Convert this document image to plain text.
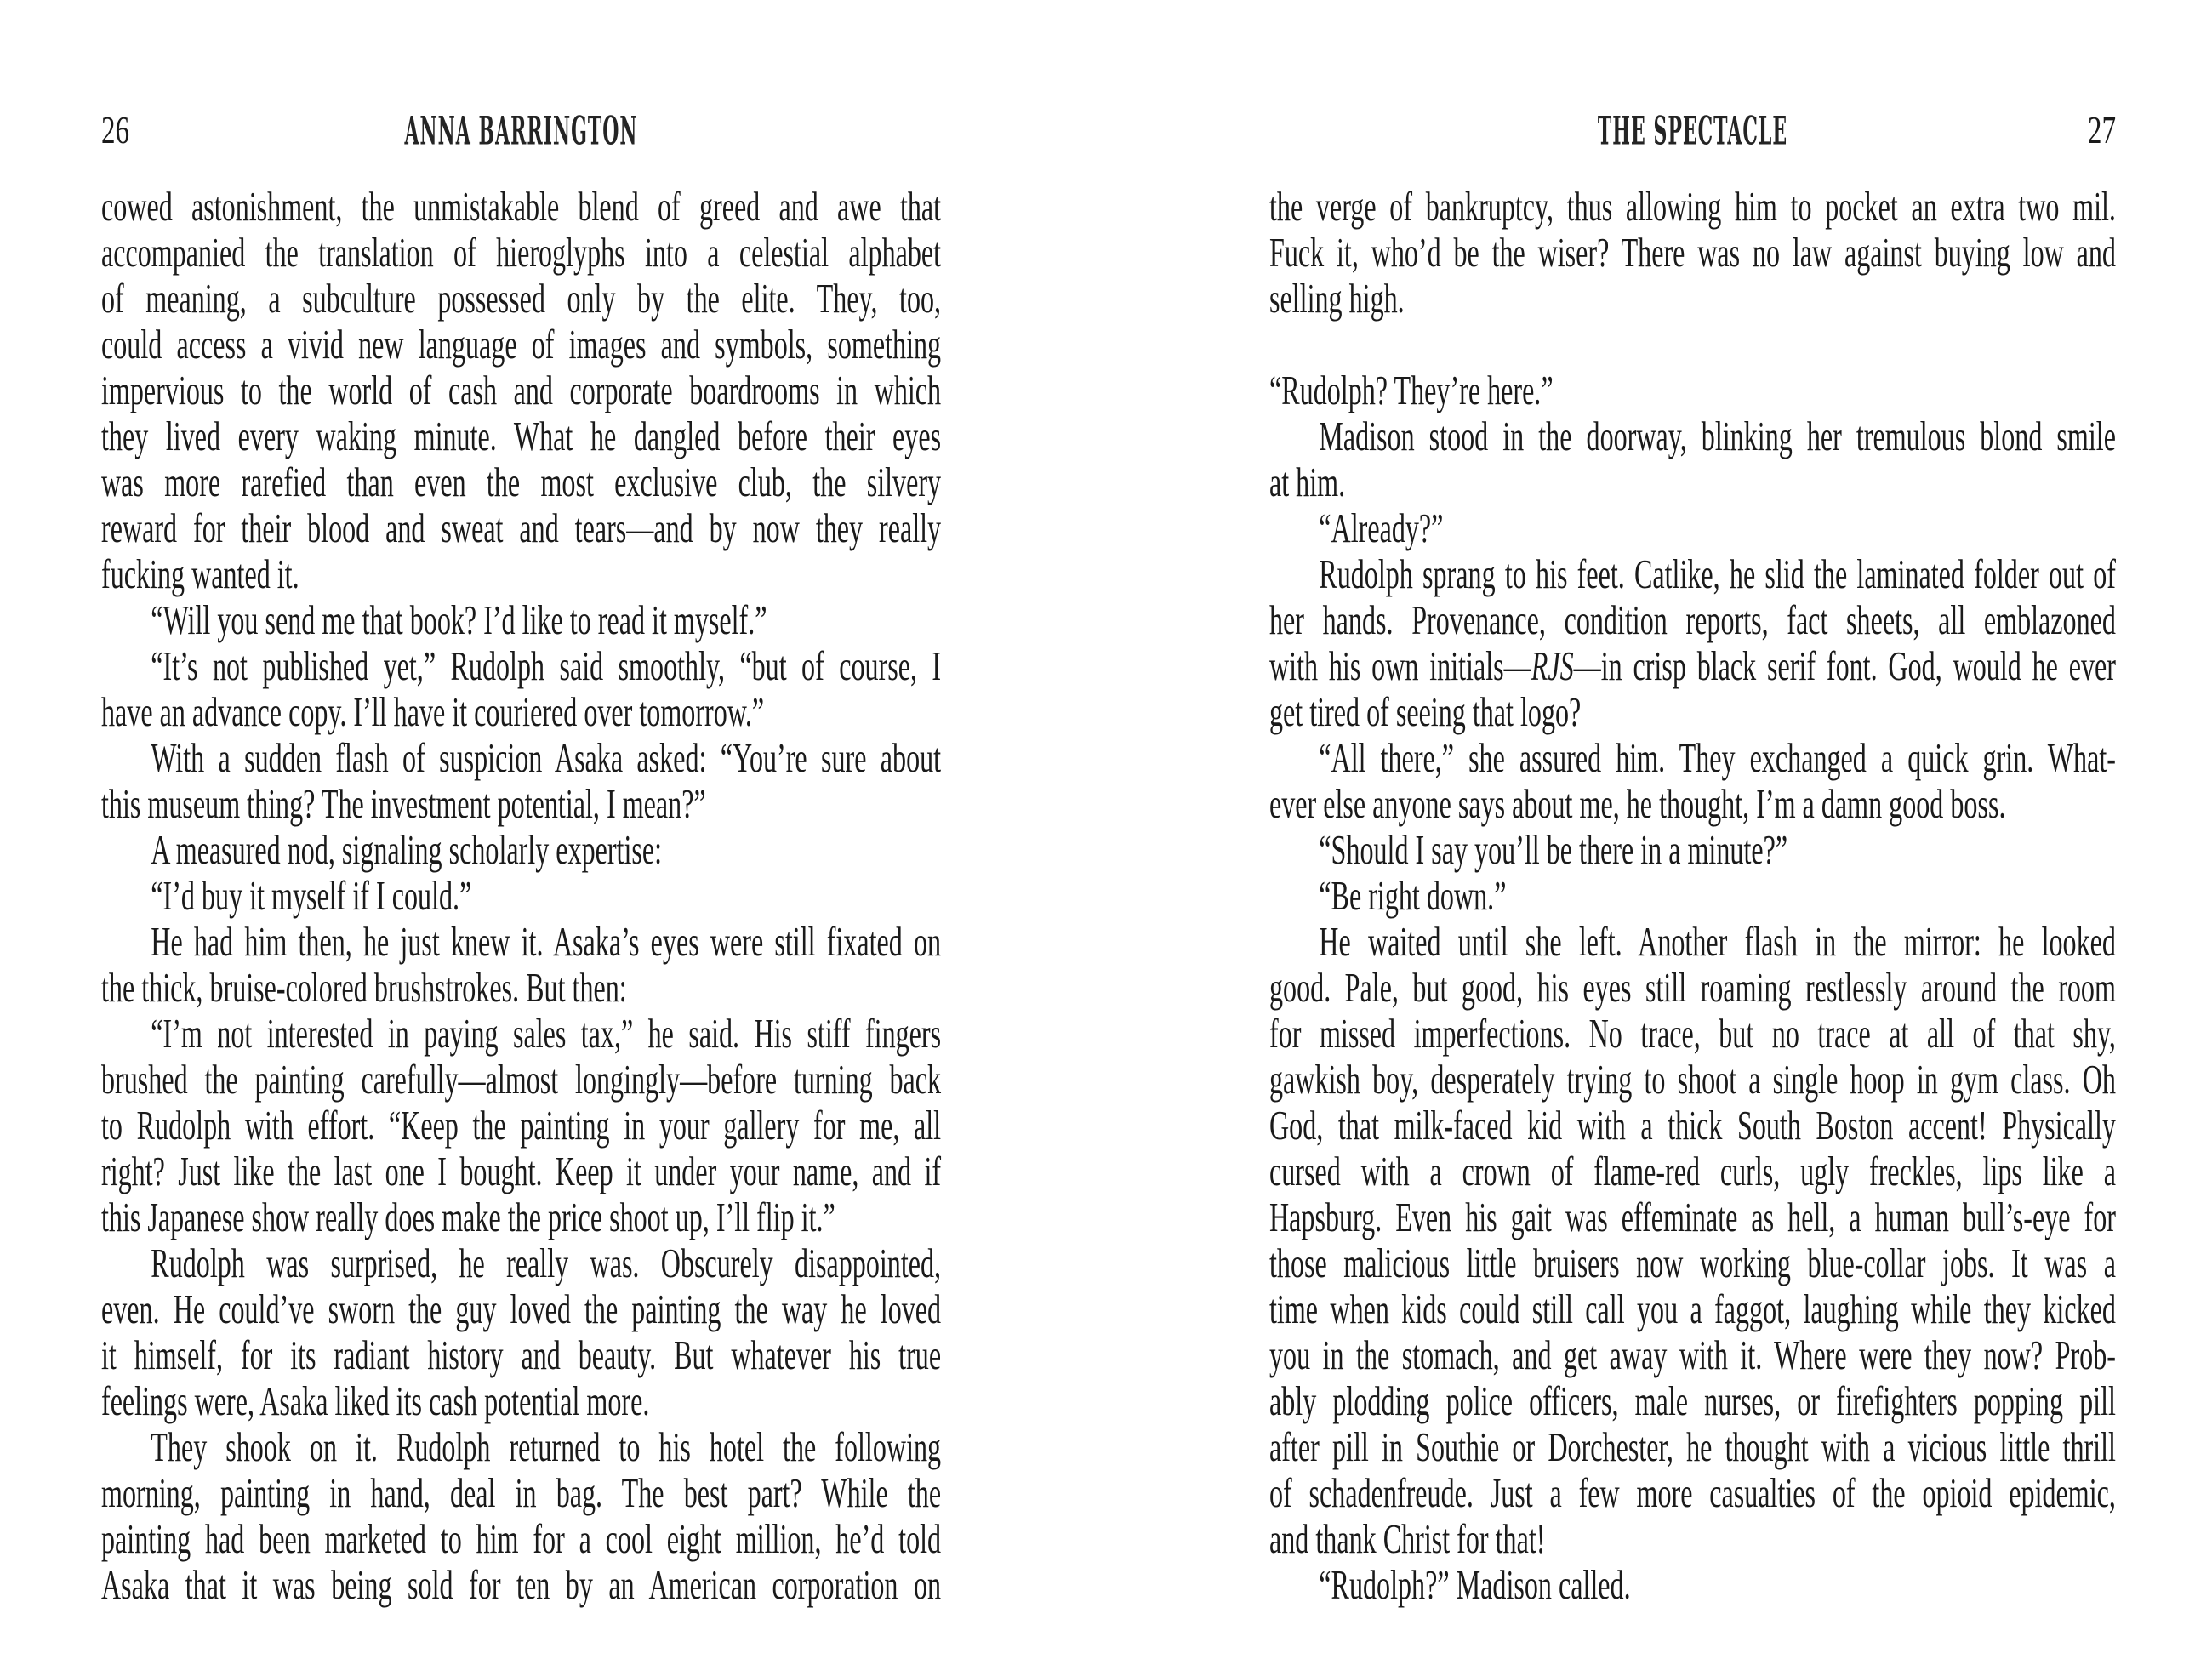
26	ANNA BARRINGTON
cowed astonishment, the unmistakable blend of greed and awe that
accompanied the translation of hieroglyphs into a celestial alphabet
of meaning, a subculture possessed only by the elite. They, too,
could access a vivid new language of images and symbols, something
impervious to the world of cash and corporate boardrooms in which
they lived every waking minute. What he dangled before their eyes
was more rarefied than even the most exclusive club, the silvery
reward for their blood and sweat and tears—and by now they really
fucking wanted it.
“Will you send me that book? I’d like to read it myself.”
“It’s not published yet,” Rudolph said smoothly, “but of course, I
have an advance copy. I’ll have it couriered over tomorrow.”
With a sudden flash of suspicion Asaka asked: “You’re sure about
this museum thing? The investment potential, I mean?”
A measured nod, signaling scholarly expertise:
“I’d buy it myself if I could.”
He had him then, he just knew it. Asaka’s eyes were still fixated on
the thick, bruise-colored brushstrokes. But then:
“I’m not interested in paying sales tax,” he said. His stiff fingers
brushed the painting carefully—almost longingly—before turning back
to Rudolph with effort. “Keep the painting in your gallery for me, all
right? Just like the last one I bought. Keep it under your name, and if
this Japanese show really does make the price shoot up, I’ll flip it.”
Rudolph was surprised, he really was. Obscurely disappointed,
even. He could’ve sworn the guy loved the painting the way he loved
it himself, for its radiant history and beauty. But whatever his true
feelings were, Asaka liked its cash potential more.
They shook on it. Rudolph returned to his hotel the following
morning, painting in hand, deal in bag. The best part? While the
painting had been marketed to him for a cool eight million, he’d told
Asaka that it was being sold for ten by an American corporation on
THE SPECTACLE	27
the verge of bankruptcy, thus allowing him to pocket an extra two mil.
Fuck it, who’d be the wiser? There was no law against buying low and
selling high.
“Rudolph? They’re here.”
Madison stood in the doorway, blinking her tremulous blond smile
at him.
“Already?”
Rudolph sprang to his feet. Catlike, he slid the laminated folder out of
her hands. Provenance, condition reports, fact sheets, all emblazoned
with his own initials—RJS—in crisp black serif font. God, would he ever
get tired of seeing that logo?
“All there,” she assured him. They exchanged a quick grin. What-
ever else anyone says about me, he thought, I’m a damn good boss.
“Should I say you’ll be there in a minute?”
“Be right down.”
He waited until she left. Another flash in the mirror: he looked
good. Pale, but good, his eyes still roaming restlessly around the room
for missed imperfections. No trace, but no trace at all of that shy,
gawkish boy, desperately trying to shoot a single hoop in gym class. Oh
God, that milk-faced kid with a thick South Boston accent! Physically
cursed with a crown of flame-red curls, ugly freckles, lips like a
Hapsburg. Even his gait was effeminate as hell, a human bull’s-eye for
those malicious little bruisers now working blue-collar jobs. It was a
time when kids could still call you a faggot, laughing while they kicked
you in the stomach, and get away with it. Where were they now? Prob-
ably plodding police officers, male nurses, or firefighters popping pill
after pill in Southie or Dorchester, he thought with a vicious little thrill
of schadenfreude. Just a few more casualties of the opioid epidemic,
and thank Christ for that!
“Rudolph?” Madison called.
